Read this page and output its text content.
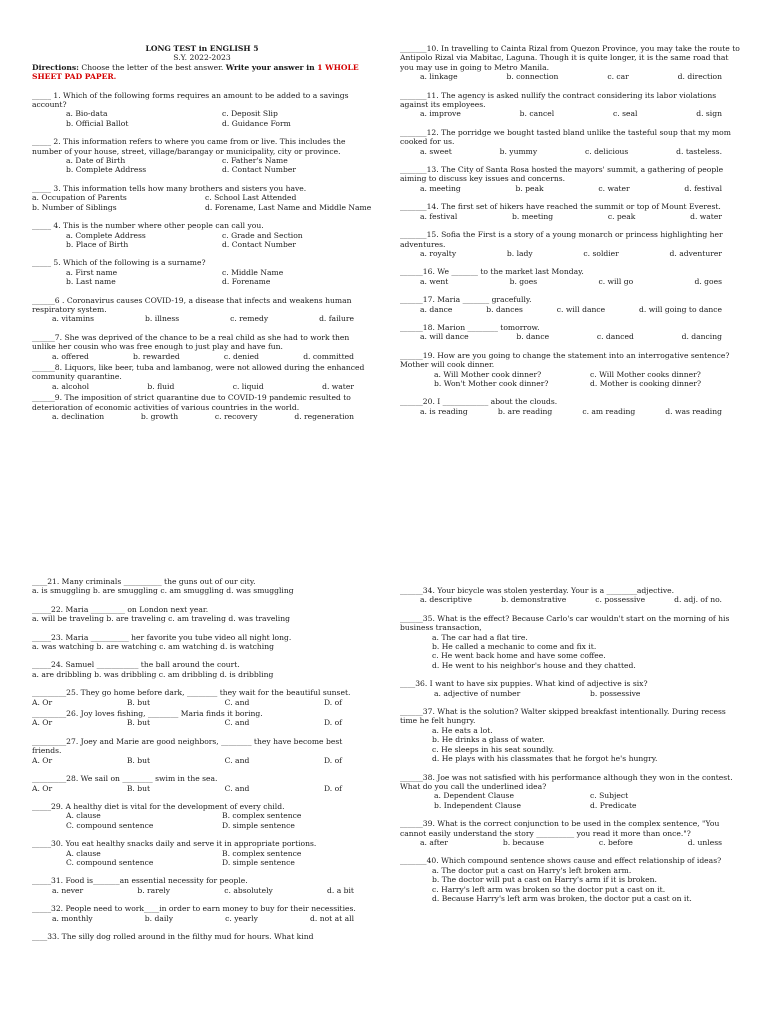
LONG TEST in ENGLISH 5
S.Y. 2022-2023
Directions: Choose the letter of the best answer. Write your answer in 1 WHOLE SHEET PAD PAPER.
_____ 1. Which of the following forms requires an amount to be added to a savings account?
a. Bio-data	c. Deposit Slip
b. Official Ballot	d. Guidance Form
_____ 2. This information refers to where you came from or live. This includes the number of your house, street, village/barangay or municipality, city or province.
a. Date of Birth	c. Father's Name
b. Complete Address	d. Contact Number
_____ 3. This information tells how many brothers and sisters you have.
a. Occupation of Parents	c. School Last Attended
b. Number of Siblings	d. Forename, Last Name and Middle Name
_____ 4. This is the number where other people can call you.
a. Complete Address	c. Grade and Section
b. Place of Birth	d. Contact Number
_____ 5. Which of the following is a surname?
a. First name	c. Middle Name
b. Last name	d. Forename
______6 . Coronavirus causes COVID-19, a disease that infects and weakens human respiratory system.
a. vitamins	b. illness	c. remedy	d. failure
______7. She was deprived of the chance to be a real child as she had to work then unlike her cousin who was free enough to just play and have fun.
a. offered	b. rewarded	c. denied	d. committed
______8. Liquors, like beer, tuba and lambanog, were not allowed during the enhanced community quarantine.
a. alcohol	b. fluid	c. liquid	d. water
______9. The imposition of strict quarantine due to COVID-19 pandemic resulted to deterioration of economic activities of various countries in the world.
a. declination	b. growth	c. recovery	d. regeneration
_______10. In travelling to Cainta Rizal from Quezon Province, you may take the route to Antipolo Rizal via Mabitac, Laguna. Though it is quite longer, it is the same road that you may use in going to Metro Manila.
a. linkage	b. connection	c. car	d. direction
_______11. The agency is asked nullify the contract considering its labor violations against its employees.
a. improve	b. cancel	c. seal	d. sign
_______12. The porridge we bought tasted bland unlike the tasteful soup that my mom cooked for us.
a. sweet	b. yummy	c. delicious	d. tasteless.
_______13. The City of Santa Rosa hosted the mayors' summit, a gathering of people aiming to discuss key issues and concerns.
a. meeting	b. peak	c. water	d. festival
_______14. The first set of hikers have reached the summit or top of Mount Everest.
a. festival	b. meeting	c. peak	d. water
_______15. Sofia the First is a story of a young monarch or princess highlighting her adventures.
a. royalty	b. lady	c. soldier	d. adventurer
______16. We _______ to the market last Monday.
a. went	b. goes	c. will go	d. goes
______17. Maria _______ gracefully.
a. dance	b. dances	c. will dance	d. will going to dance
______18. Marion ________ tomorrow.
a. will dance	b. dance	c. danced	d. dancing
______19. How are you going to change the statement into an interrogative sentence? Mother will cook dinner.
a. Will Mother cook dinner?	c. Will Mother cooks dinner?
b. Won't Mother cook dinner?	d. Mother is cooking dinner?
______20. I ____________ about the clouds.
a. is reading	b. are reading	c. am reading	d. was reading
____21. Many criminals __________ the guns out of our city.
a. is smuggling b. are smuggling c. am smuggling d. was smuggling
_____22. Maria _________ on London next year.
a. will be traveling b. are traveling c. am traveling d. was traveling
_____23. Maria __________ her favorite you tube video all night long.
a. was watching b. are watching c. am watching d. is watching
_____24. Samuel ___________ the ball around the court.
a. are dribbling b. was dribbling c. am dribbling d. is dribbling
_________25. They go home before dark, ________ they wait for the beautiful sunset.
A. Or	B. but	C. and	D. of
_________26. Joy loves fishing, ________ Maria finds it boring.
A. Or	B. but	C. and	D. of
_________27. Joey and Marie are good neighbors, ________ they have become best friends.
A. Or	B. but	C. and	D. of
_________28. We sail on ________ swim in the sea.
A. Or	B. but	C. and	D. of
_____29. A healthy diet is vital for the development of every child.
A. clause	B. complex sentence
C. compound sentence	D. simple sentence
_____30. You eat healthy snacks daily and serve it in appropriate portions.
A. clause	B. complex sentence
C. compound sentence	D. simple sentence
_____31. Food is_______an essential necessity for people.
a. never	b. rarely	c. absolutely	d. a bit
_____32. People need to work____in order to earn money to buy for their necessities.
a. monthly	b. daily	c. yearly	d. not at all
____33. The silly dog rolled around in the filthy mud for hours. What kind
______34. Your bicycle was stolen yesterday. Your is a ________adjective.
a. descriptive	b. demonstrative	c. possessive	d. adj. of no.
______35. What is the effect? Because Carlo's car wouldn't start on the morning of his business transaction,
a. The car had a flat tire.
b. He called a mechanic to come and fix it.
c. He went back home and have some coffee.
d. He went to his neighbor's house and they chatted.
____36. I want to have six puppies. What kind of adjective is six?
a. adjective of number	b. possessive
______37. What is the solution? Walter skipped breakfast intentionally. During recess time he felt hungry.
a. He eats a lot.
b. He drinks a glass of water.
c. He sleeps in his seat soundly.
d. He plays with his classmates that he forgot he's hungry.
______38. Joe was not satisfied with his performance although they won in the contest. What do you call the underlined idea?
a. Dependent Clause	c. Subject
b. Independent Clause	d. Predicate
______39. What is the correct conjunction to be used in the complex sentence, "You cannot easily understand the story __________ you read it more than once."?
a. after	b. because	c. before	d. unless
_______40. Which compound sentence shows cause and effect relationship of ideas?
a. The doctor put a cast on Harry's left broken arm.
b. The doctor will put a cast on Harry's arm if it is broken.
c. Harry's left arm was broken so the doctor put a cast on it.
d. Because Harry's left arm was broken, the doctor put a cast on it.
